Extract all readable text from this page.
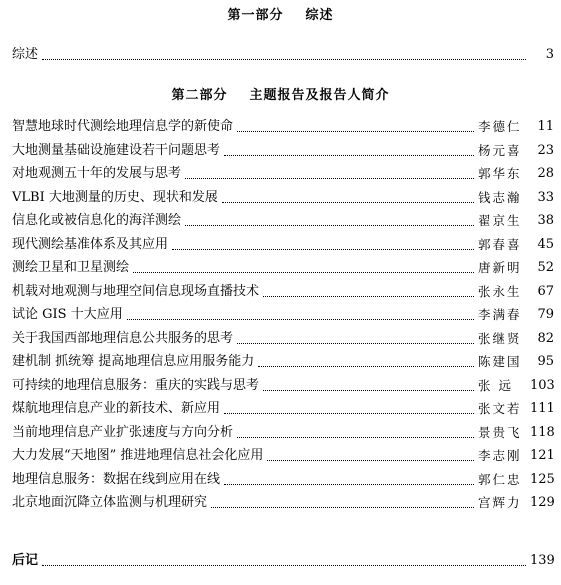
第一部分    综述
综述	3
第二部分    主题报告及报告人简介
智慧地球时代测绘地理信息学的新使命	李德仁	11
大地测量基础设施建设若干问题思考	杨元喜	23
对地观测五十年的发展与思考	郭华东	28
VLBI 大地测量的历史、现状和发展	钱志瀚	33
信息化或被信息化的海洋测绘	翟京生	38
现代测绘基准体系及其应用	郭春喜	45
测绘卫星和卫星测绘	唐新明	52
机载对地观测与地理空间信息现场直播技术	张永生	67
试论 GIS 十大应用	李满春	79
关于我国西部地理信息公共服务的思考	张继贤	82
建机制 抓统筹 提高地理信息应用服务能力	陈建国	95
可持续的地理信息服务：重庆的实践与思考	张 远	103
煤航地理信息产业的新技术、新应用	张文若 111
当前地理信息产业扩张速度与方向分析	景贵飞 118
大力发展“天地图” 推进地理信息社会化应用	李志刚 121
地理信息服务：数据在线到应用在线	郭仁忠 125
北京地面沉降立体监测与机理研究	宫辉力 129
后记	139
